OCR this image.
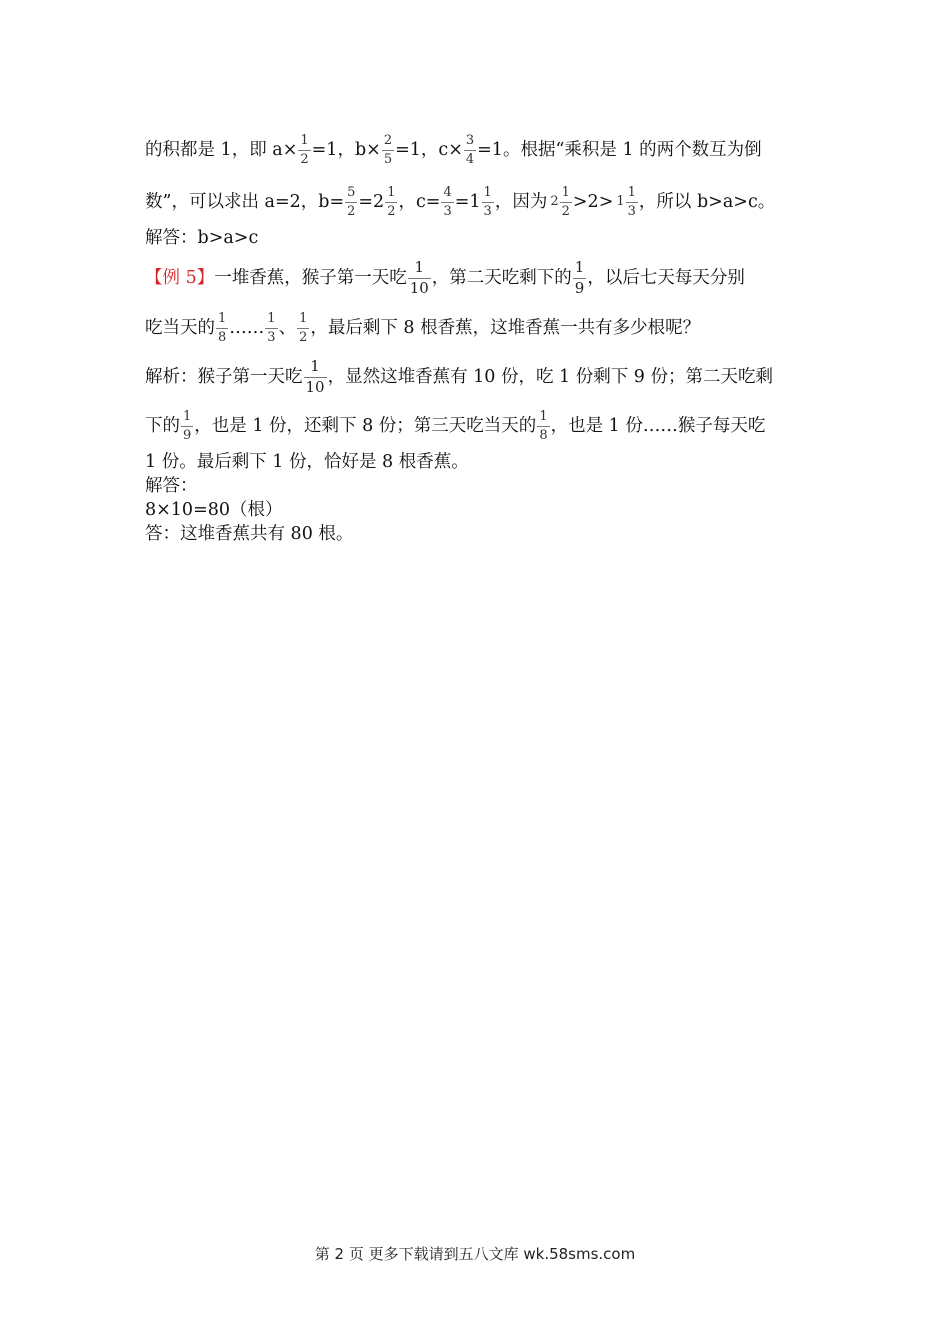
的积都是 1，即 $a\times \frac{1}{2} =1$，$b\times \frac{2}{5} =1$，$c\times \frac{3}{4} =1$。根据“乘积是 1 的两个数互为倒
数”，可以求出 a=2，$b= \frac{5}{2} =2 \frac{1}{2}$ ，$c= \frac{4}{3} =1 \frac{1}{3}$ ，因为 $2 \frac{1}{2} >2> 1 \frac{1}{3}$ ，所以 b>a>c。
解答：b>a>c
【例 5】 一堆香蕉，猴子第一天吃 $\frac{1}{10}$ ，第二天吃剩下的 $\frac{1}{9}$ ，以后七天每天分别
吃当天的 $\frac{1}{8}$ …… $\frac{1}{3}$ 、 $\frac{1}{2}$ ，最后剩下 8 根香蕉，这堆香蕉一共有多少根呢？
解析：猴子第一天吃 $\frac{1}{10}$ ，显然这堆香蕉有 10 份，吃 1 份剩下 9 份；第二天吃剩
下的 $\frac{1}{9}$ ，也是 1 份，还剩下 8 份；第三天吃当天的 $\frac{1}{8}$ ，也是 1 份……猴子每天吃
1 份。最后剩下 1 份，恰好是 8 根香蕉。
解答：
8×10=80（根）
答：这堆香蕉共有 80 根。
第 2 页 更多下载请到五八文库 wk.58sms.com
